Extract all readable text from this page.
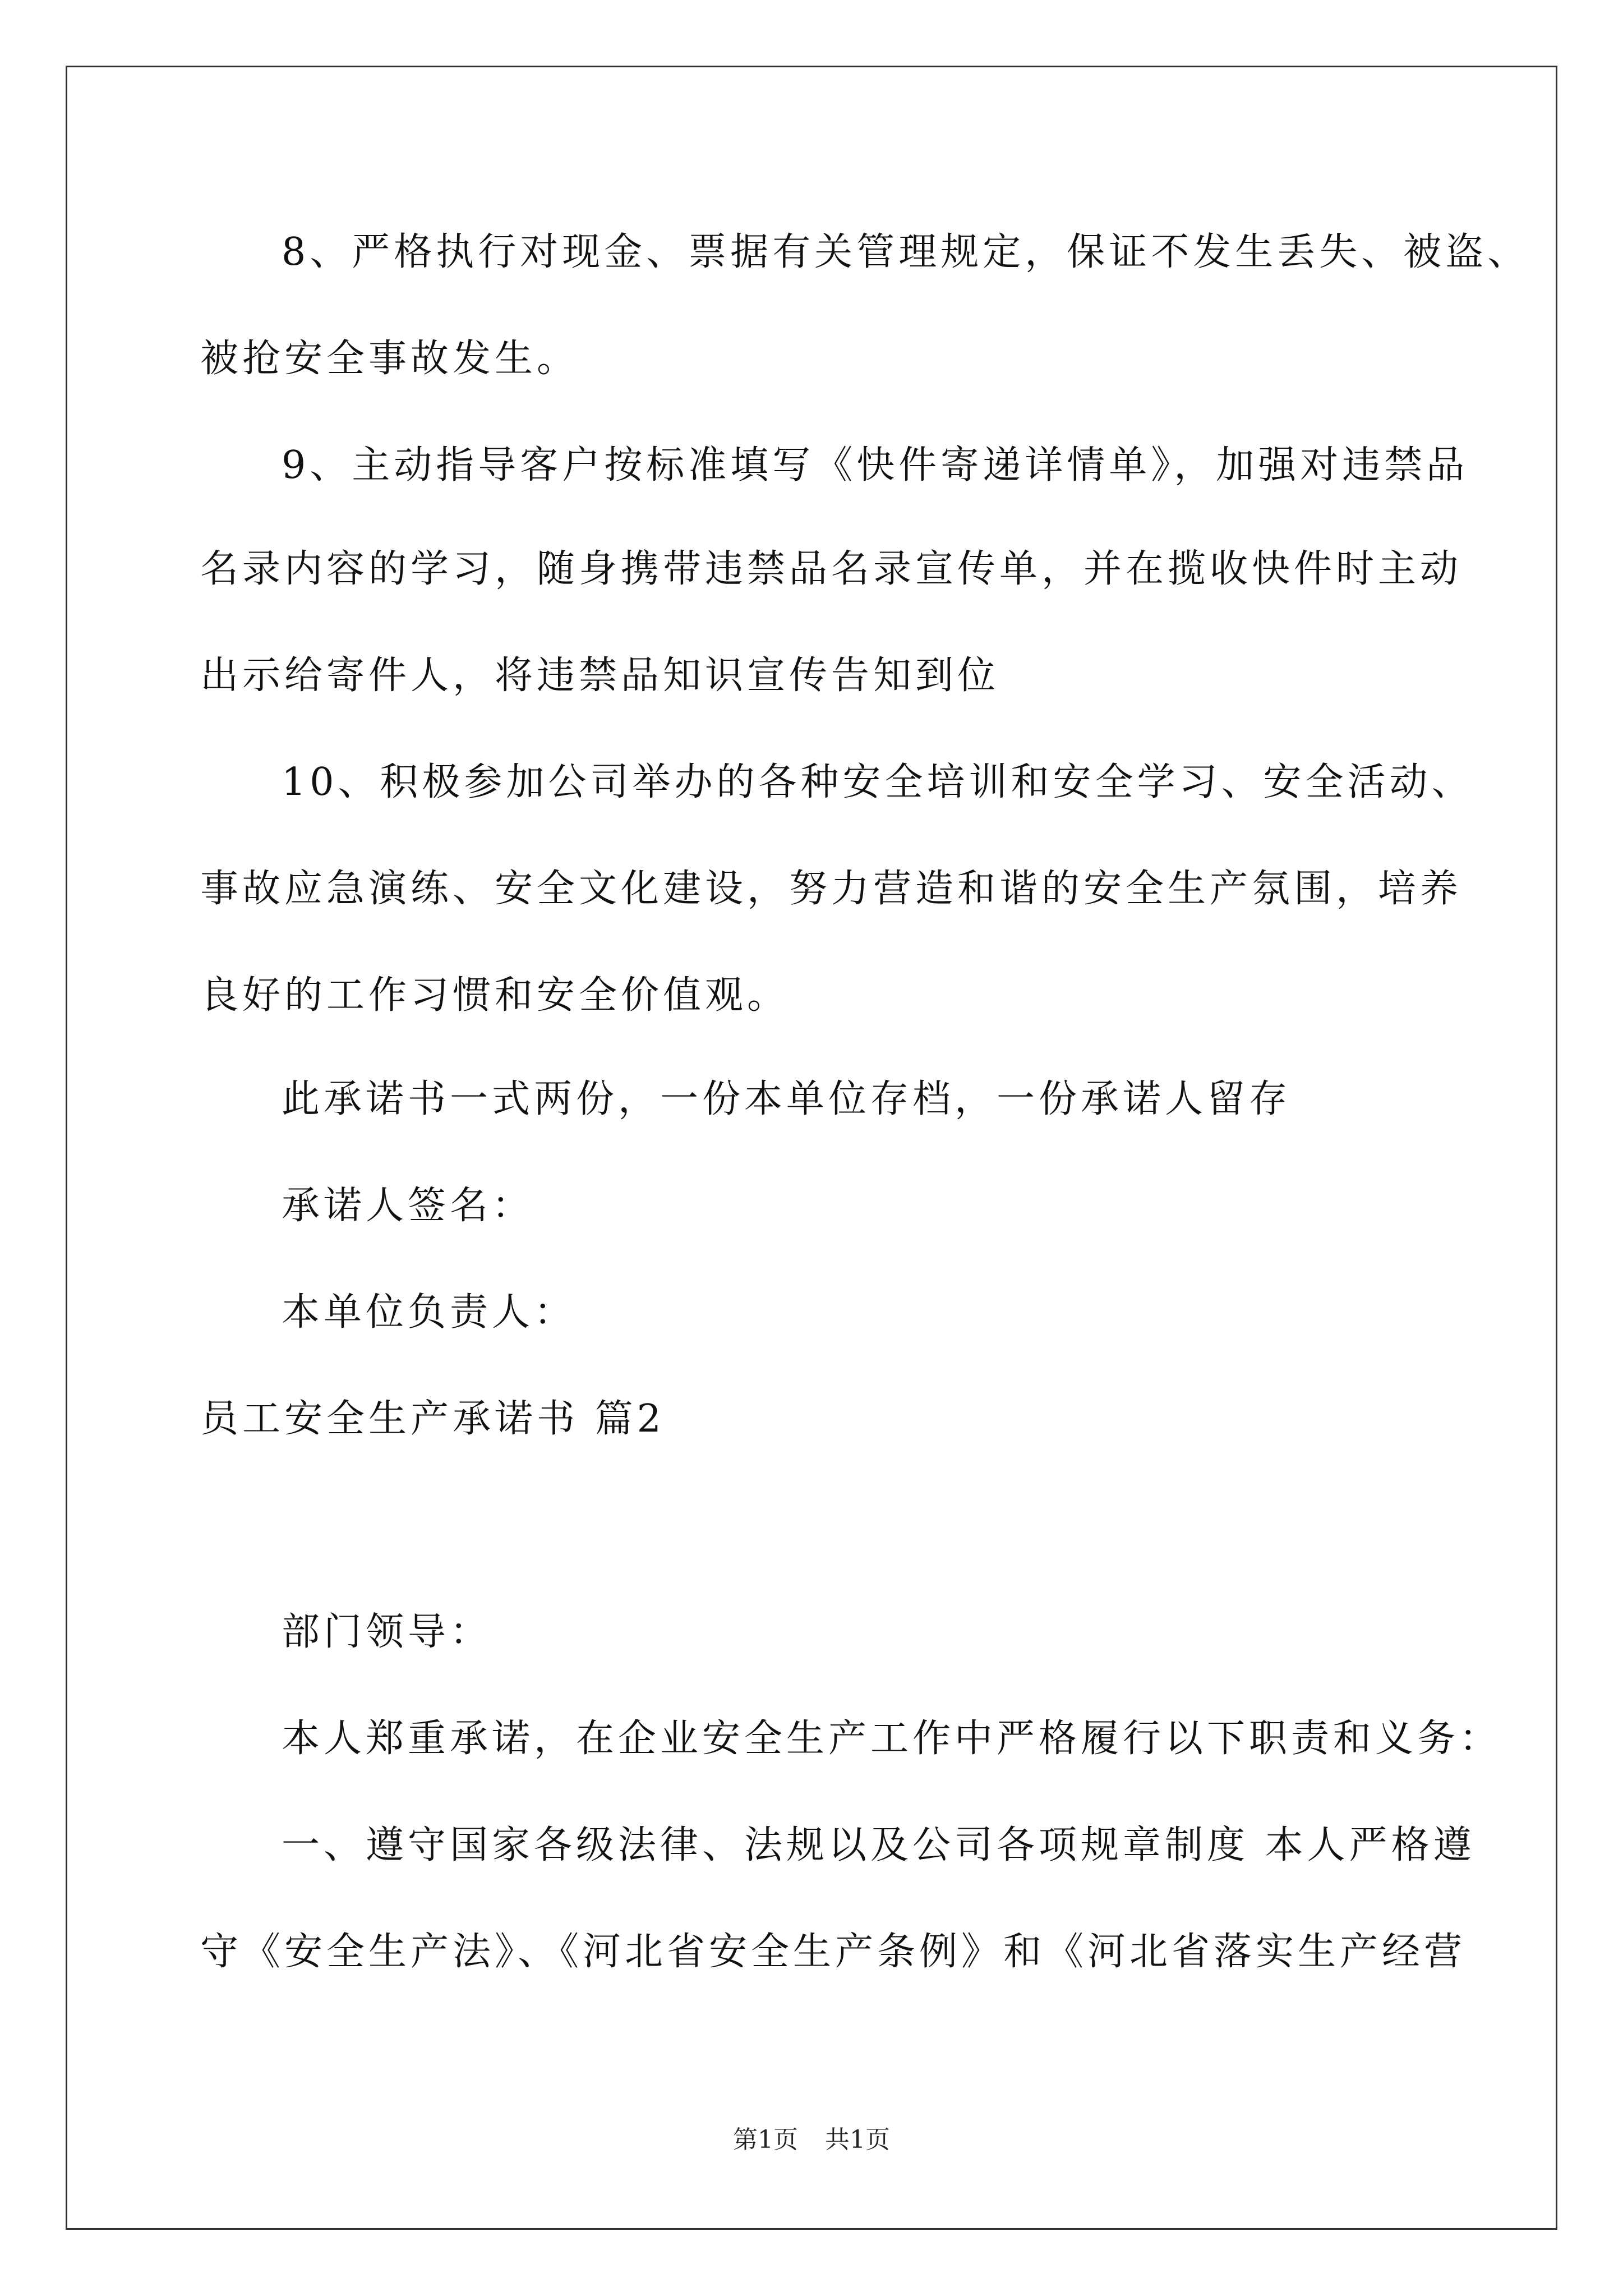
8、严格执行对现金、票据有关管理规定，保证不发生丢失、被盗、
被抢安全事故发生。
9、主动指导客户按标准填写《快件寄递详情单》，加强对违禁品
名录内容的学习，随身携带违禁品名录宣传单，并在揽收快件时主动
出示给寄件人，将违禁品知识宣传告知到位
10、积极参加公司举办的各种安全培训和安全学习、安全活动、
事故应急演练、安全文化建设，努力营造和谐的安全生产氛围，培养
良好的工作习惯和安全价值观。
此承诺书一式两份，一份本单位存档，一份承诺人留存
承诺人签名：
本单位负责人：
员工安全生产承诺书 篇2
部门领导：
本人郑重承诺，在企业安全生产工作中严格履行以下职责和义务：
一、遵守国家各级法律、法规以及公司各项规章制度 本人严格遵
守《安全生产法》、《河北省安全生产条例》和《河北省落实生产经营
第1页 共1页
